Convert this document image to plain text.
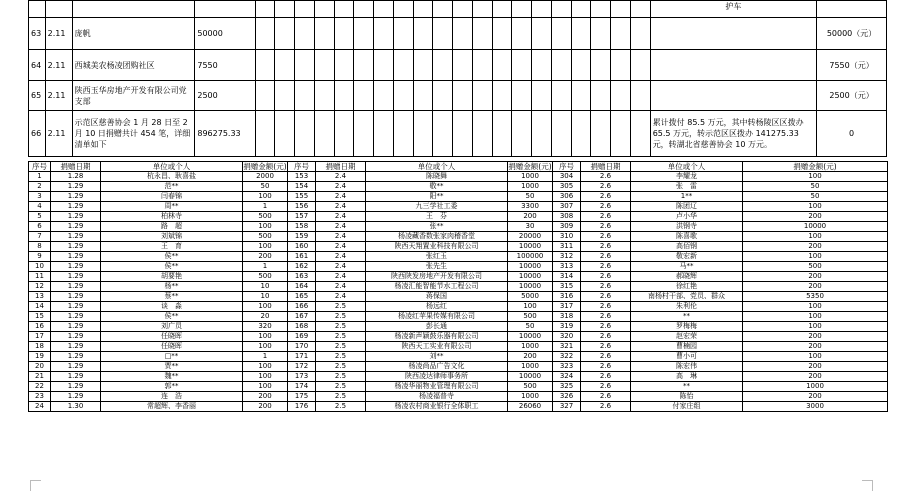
																								护车	
63	2.11	庞帆	50000																						50000（元）
64	2.11	西城美农杨凌团购社区	7550																						7550（元）
65	2.11	陕西玉华房地产开发有限公司党支部	2500																						2500（元）
66	2.11	示范区慈善协会 1 月 28 日至 2 月 10 日捐赠共计 454 笔，详细清单如下	896275.33																					累计拨付 85.5 万元，其中转杨陵区区拨办 65.5 万元，转示范区区拨办 141275.33 元，转湖北省慈善协会 10 万元。	0
序号	捐赠日期	单位或个人	捐赠金额(元)	序号	捐赠日期	单位或个人	捐赠金额(元)	序号	捐赠日期	单位或个人	捐赠金额(元)
1	1.28	杭永昌、耿喜盐	2000	153	2.4	陈晓舞	1000	304	2.6	李耀龙	100
2	1.29	范**	50	154	2.4	敬**	1000	305	2.6	张　雷	50
3	1.29	闫春锦	100	155	2.4	阳**	50	306	2.6	1**	50
4	1.29	周**	1	156	2.4	九三学社工委	3300	307	2.6	陈团辽	100
5	1.29	柏林寺	500	157	2.4	王　芬	200	308	2.6	卢小华	200
6	1.29	路　超	100	158	2.4	张**	30	309	2.6	洪钢寺	10000
7	1.29	刘斌锦	500	159	2.4	杨凌藏香数张家肉稽香堂	20000	310	2.6	陈喜歌	100
8	1.29	王　育	100	160	2.4	陕西天翔置业科技有限公司	10000	311	2.6	高佰钢	200
9	1.29	侯**	200	161	2.4	张红玉	100000	312	2.6	敬宏新	100
10	1.29	侯**	1	162	2.4	张先生	10000	313	2.6	马**	500
11	1.29	胡要艳	500	163	2.4	陕西陕发房地产开发有限公司	10000	314	2.6	郝晓辉	200
12	1.29	杨**	10	164	2.4	杨凌汇能智能节水工程公司	10000	315	2.6	徐红艳	200
13	1.29	蔡**	10	165	2.4	蒋保国	5000	316	2.6	南杨村干部、党员、群众	5350
14	1.29	谈　淼	100	166	2.5	杨远红	100	317	2.6	朱利伦	100
15	1.29	侯**	20	167	2.5	杨凌红苹果传媒有限公司	500	318	2.6	**	100
16	1.29	刘广员	320	168	2.5	彭长通	50	319	2.6	罗梅梅	100
17	1.29	任晓晖	100	169	2.5	杨凌新声颖鼓乐器有限公司	10000	320	2.6	赵宏荣	200
18	1.29	任晓晖	100	170	2.5	陕西天工实业有限公司	1000	321	2.6	曹楠园	200
19	1.29	□**	1	171	2.5	刘**	200	322	2.6	曹小可	100
20	1.29	贾**	100	172	2.5	杨凌尚品广告文化	1000	323	2.6	陈宏伟	200
21	1.29	魏**	100	173	2.5	陕西凌达律师事务所	10000	324	2.6	高　琳	200
22	1.29	郭**	100	174	2.5	杨凌华丽物业管理有限公司	500	325	2.6	**	1000
23	1.29	连　浩	200	175	2.5	杨凌福普寺	1000	326	2.6	陈怡	200
24	1.30	常超辉、李香丽	200	176	2.5	杨凌农村商业银行全体职工	26060	327	2.6	付家庄组	3000
